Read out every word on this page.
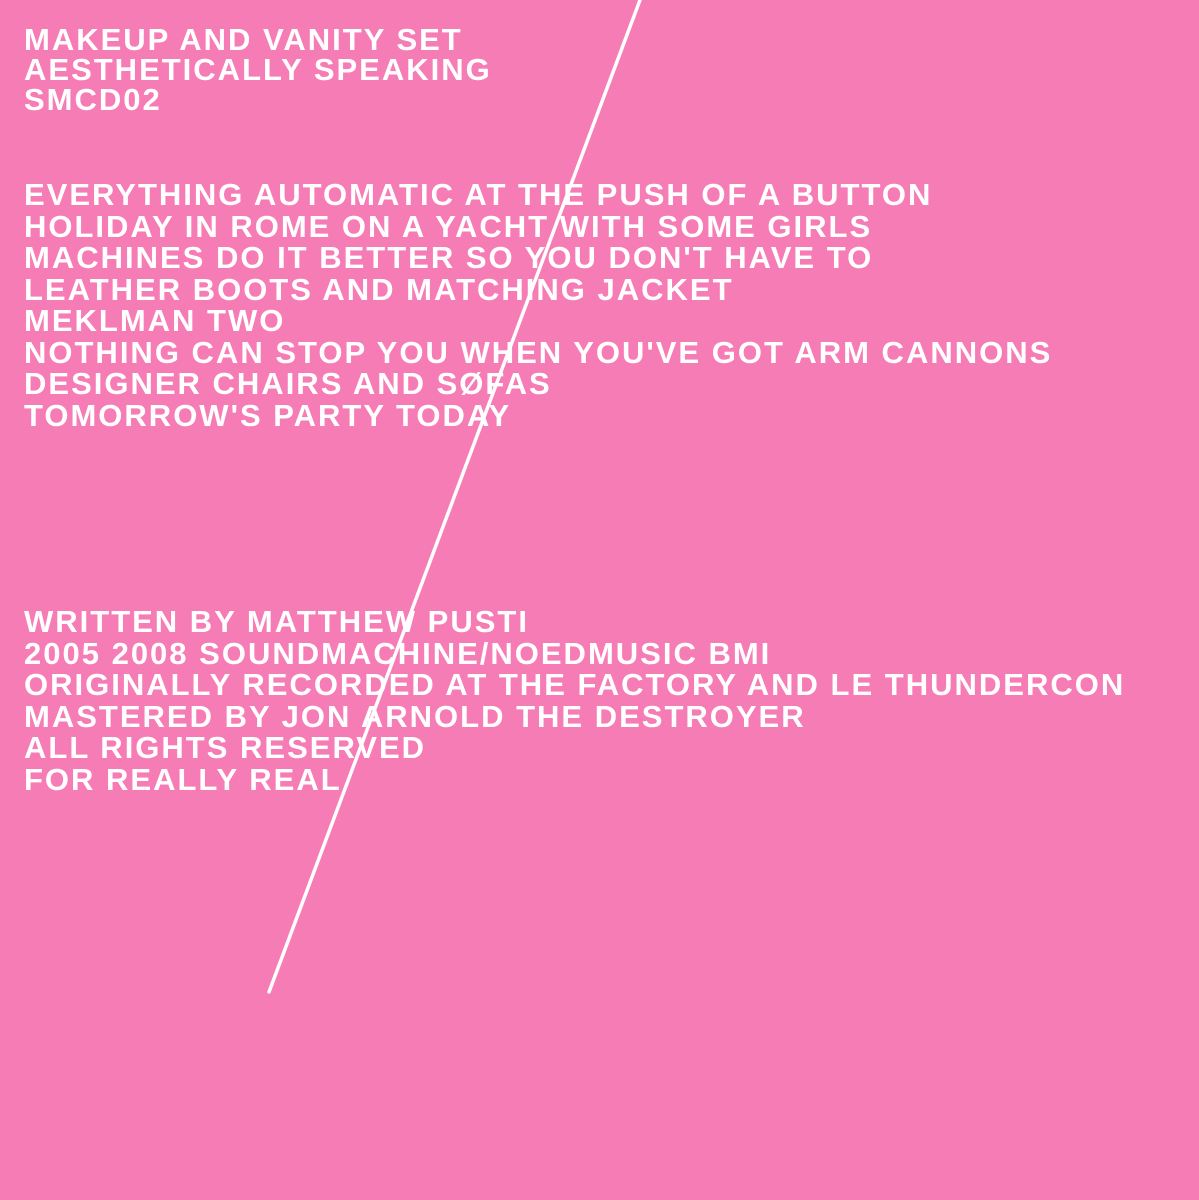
MAKEUP AND VANITY SET
AESTHETICALLY SPEAKING
SMCD02
EVERYTHING AUTOMATIC AT THE PUSH OF A BUTTON
HOLIDAY IN ROME ON A YACHT WITH SOME GIRLS
MACHINES DO IT BETTER SO YOU DON'T HAVE TO
LEATHER BOOTS AND MATCHING JACKET
MEKLMAN TWO
NOTHING CAN STOP YOU WHEN YOU'VE GOT ARM CANNONS
DESIGNER CHAIRS AND SØFAS
TOMORROW'S PARTY TODAY
WRITTEN BY MATTHEW PUSTI
2005 2008 SOUNDMACHINE/NOEDMUSIC BMI
ORIGINALLY RECORDED AT THE FACTORY AND LE THUNDERCON
MASTERED BY JON ARNOLD THE DESTROYER
ALL RIGHTS RESERVED
FOR REALLY REAL
